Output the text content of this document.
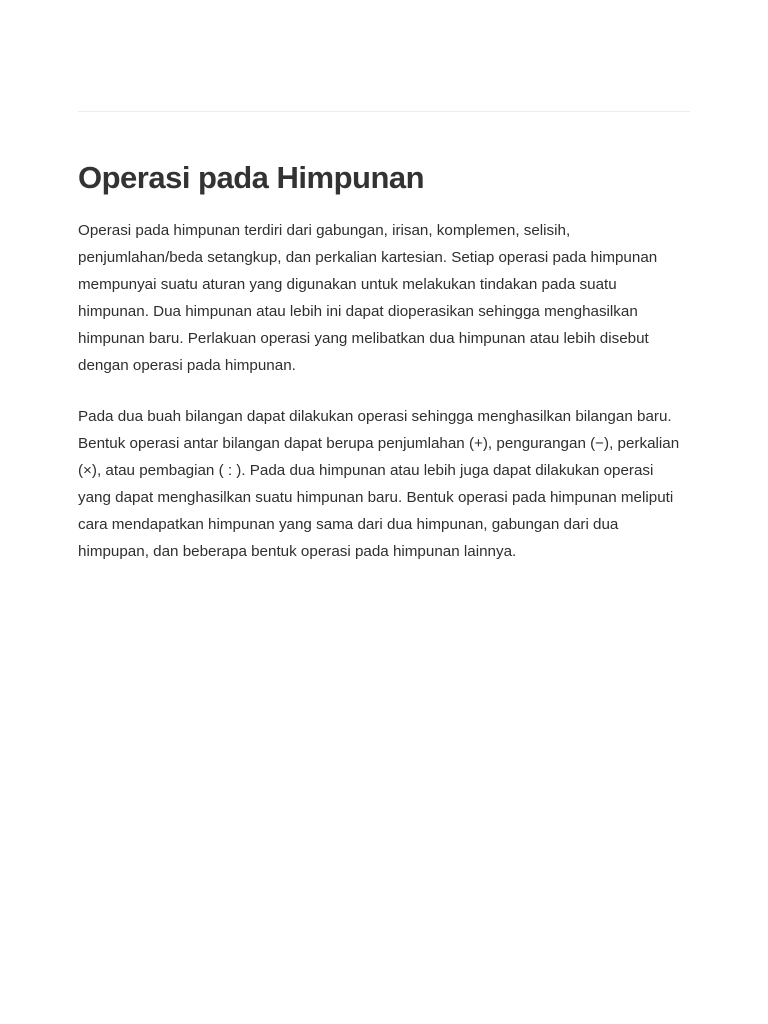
Operasi pada Himpunan

Operasi pada himpunan terdiri dari gabungan, irisan, komplemen, selisih, penjumlahan/beda setangkup, dan perkalian kartesian. Setiap operasi pada himpunan mempunyai suatu aturan yang digunakan untuk melakukan tindakan pada suatu himpunan. Dua himpunan atau lebih ini dapat dioperasikan sehingga menghasilkan himpunan baru. Perlakuan operasi yang melibatkan dua himpunan atau lebih disebut dengan operasi pada himpunan.

Pada dua buah bilangan dapat dilakukan operasi sehingga menghasilkan bilangan baru. Bentuk operasi antar bilangan dapat berupa penjumlahan (+), pengurangan (−), perkalian (×), atau pembagian ( : ). Pada dua himpunan atau lebih juga dapat dilakukan operasi yang dapat menghasilkan suatu himpunan baru. Bentuk operasi pada himpunan meliputi cara mendapatkan himpunan yang sama dari dua himpunan, gabungan dari dua himpupan, dan beberapa bentuk operasi pada himpunan lainnya.
